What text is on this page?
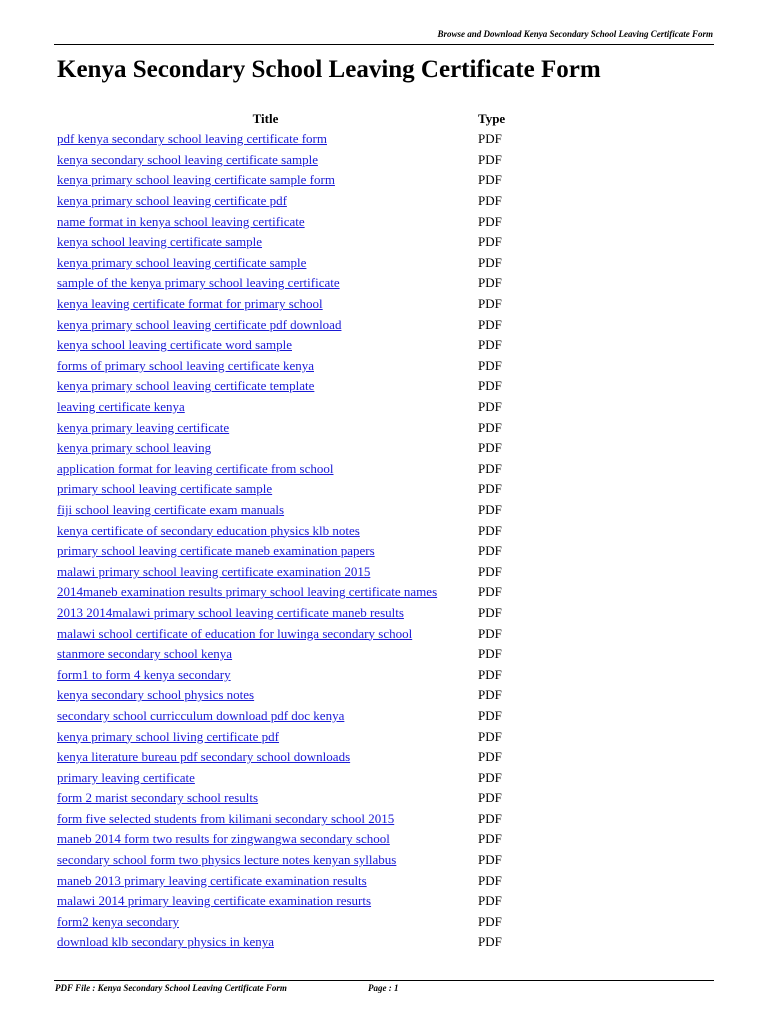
Browse and Download Kenya Secondary School Leaving Certificate Form
Kenya Secondary School Leaving Certificate Form
Title	Type
pdf kenya secondary school leaving certificate form	PDF
kenya secondary school leaving certificate sample	PDF
kenya primary school leaving certificate sample form	PDF
kenya primary school leaving certificate pdf	PDF
name format in kenya school leaving certificate	PDF
kenya school leaving certificate sample	PDF
kenya primary school leaving certificate sample	PDF
sample of the kenya primary school leaving certificate	PDF
kenya leaving certificate format for primary school	PDF
kenya primary school leaving certificate pdf download	PDF
kenya school leaving certificate word sample	PDF
forms of primary school leaving certificate kenya	PDF
kenya primary school leaving certificate template	PDF
leaving certificate kenya	PDF
kenya primary leaving certificate	PDF
kenya primary school leaving	PDF
application format for leaving certificate from school	PDF
primary school leaving certificate sample	PDF
fiji school leaving certificate exam manuals	PDF
kenya certificate of secondary education physics klb notes	PDF
primary school leaving certificate maneb examination papers	PDF
malawi primary school leaving certificate examination 2015	PDF
2014maneb examination results primary school leaving certificate names	PDF
2013 2014malawi primary school leaving certificate maneb results	PDF
malawi school certificate of education for luwinga secondary school	PDF
stanmore secondary school kenya	PDF
form1 to form 4 kenya secondary	PDF
kenya secondary school physics notes	PDF
secondary school curricculum download pdf doc kenya	PDF
kenya primary school living certificate pdf	PDF
kenya literature bureau pdf secondary school downloads	PDF
primary leaving certificate	PDF
form 2 marist secondary school results	PDF
form five selected students from kilimani secondary school 2015	PDF
maneb 2014 form two results for zingwangwa secondary school	PDF
secondary school form two physics lecture notes kenyan syllabus	PDF
maneb 2013 primary leaving certificate examination results	PDF
malawi 2014 primary leaving certificate examination resurts	PDF
form2 kenya secondary	PDF
download klb secondary physics in kenya	PDF
PDF File : Kenya Secondary School Leaving Certificate Form	Page : 1
